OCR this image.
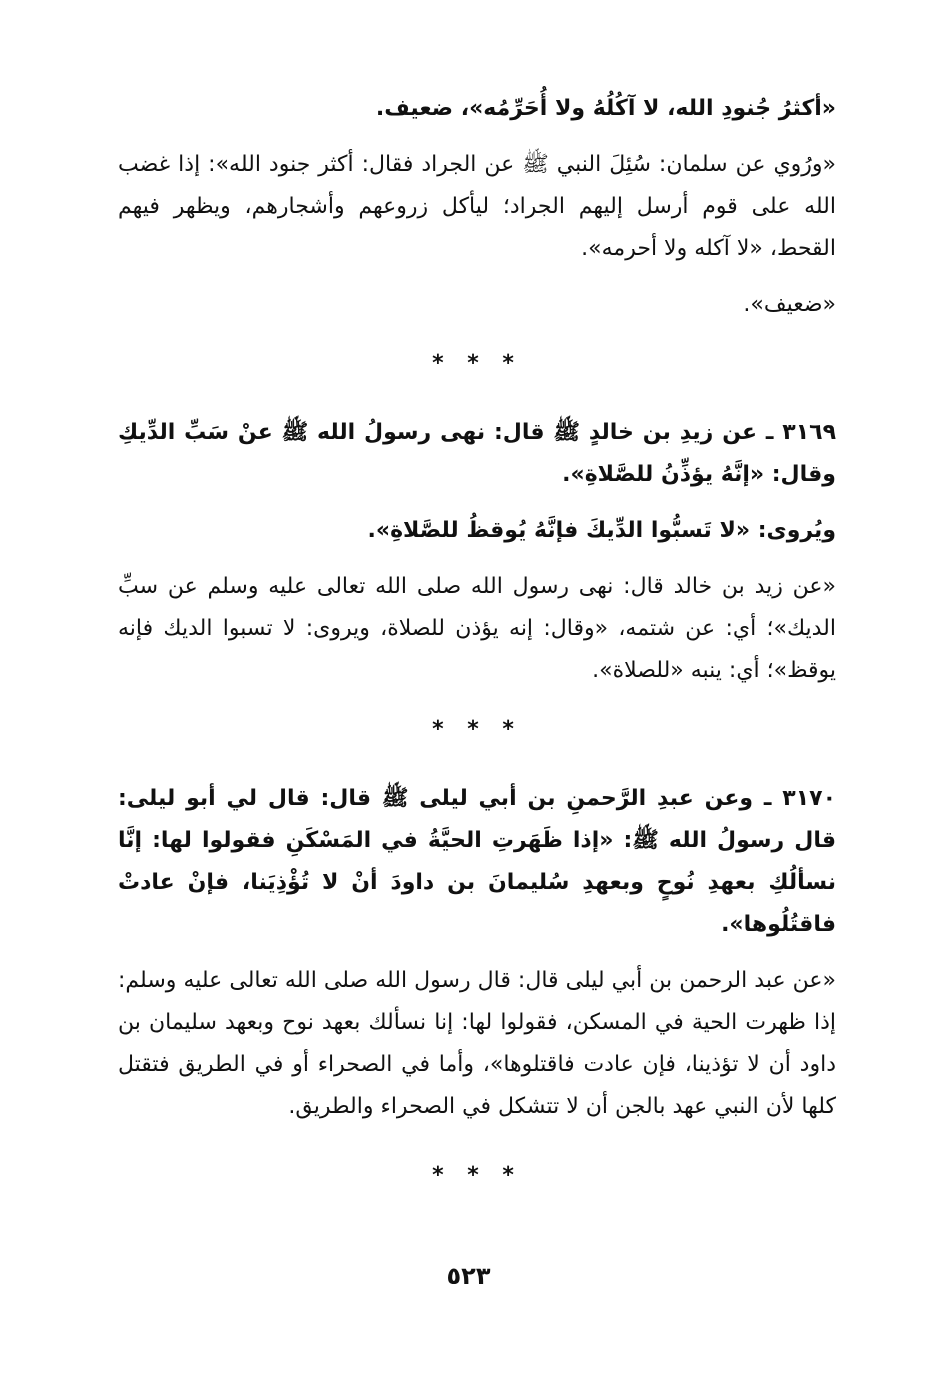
«أكثرُ جُنودِ الله، لا آكُلُهُ ولا أُحَرِّمُه»، ضعيف.

«ورُوي عن سلمان: سُئِلَ النبي ﷺ عن الجراد فقال: أكثر جنود الله»: إذا غضب الله على قوم أرسل إليهم الجراد؛ ليأكل زروعهم وأشجارهم، ويظهر فيهم القحط، «لا آكله ولا أحرمه».

«ضعيف».

* * *

٣١٦٩ ـ عن زيدِ بن خالدٍ ﷺ قال: نهى رسولُ الله ﷺ عنْ سَبِّ الدِّيكِ وقال: «إنَّهُ يؤذِّنُ للصَّلاةِ».

ويُروى: «لا تَسبُّوا الدِّيكَ فإنَّهُ يُوقظُ للصَّلاةِ».

«عن زيد بن خالد قال: نهى رسول الله صلى الله تعالى عليه وسلم عن سبِّ الديك»؛ أي: عن شتمه، «وقال: إنه يؤذن للصلاة، ويروى: لا تسبوا الديك فإنه يوقظ»؛ أي: ينبه «للصلاة».

* * *

٣١٧٠ ـ وعن عبدِ الرَّحمنِ بن أبي ليلى ﷺ قال: قال لي أبو ليلى: قال رسولُ الله ﷺ: «إذا ظَهَرتِ الحيَّةُ في المَسْكَنِ فقولوا لها: إنَّا نسألُكِ بعهدِ نُوحٍ وبعهدِ سُليمانَ بن داودَ أنْ لا تُؤْذِيَنا، فإنْ عادتْ فاقتُلُوها».

«عن عبد الرحمن بن أبي ليلى قال: قال رسول الله صلى الله تعالى عليه وسلم: إذا ظهرت الحية في المسكن، فقولوا لها: إنا نسألك بعهد نوح وبعهد سليمان بن داود أن لا تؤذينا، فإن عادت فاقتلوها»، وأما في الصحراء أو في الطريق فتقتل كلها لأن النبي عهد بالجن أن لا تتشكل في الصحراء والطريق.

* * *
٥٢٣
